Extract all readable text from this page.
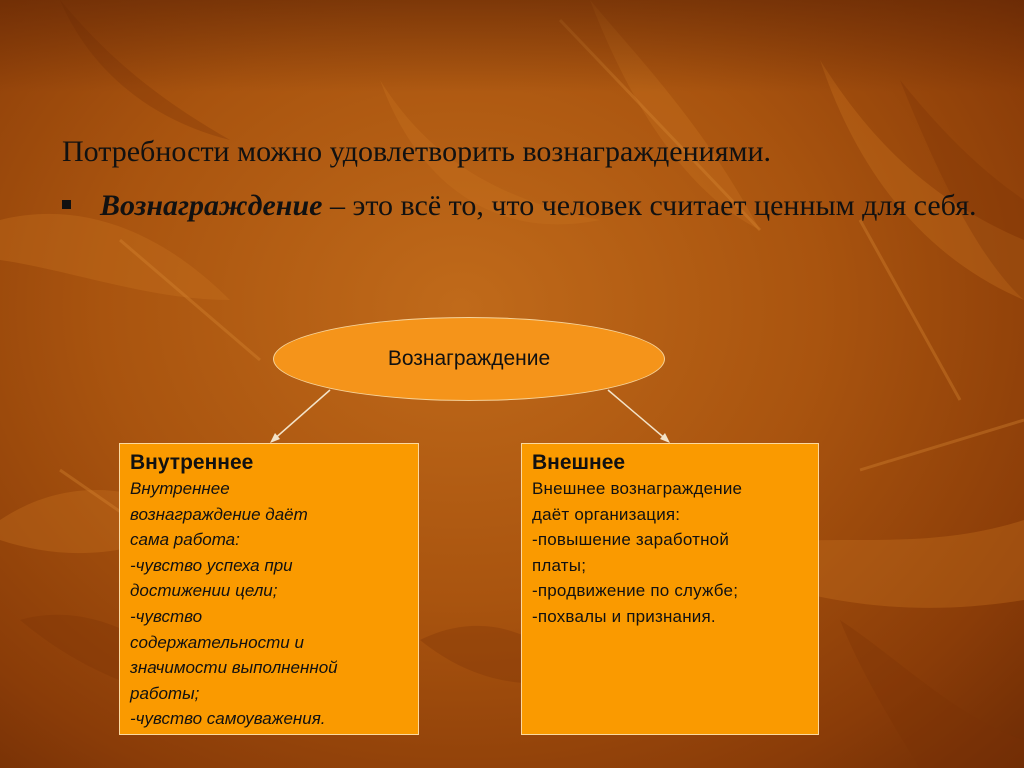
Потребности можно удовлетворить вознаграждениями.
Вознаграждение – это всё то, что человек считает ценным для себя.
Вознаграждение
Внутреннее
Внутреннее
вознаграждение даёт
сама работа:
-чувство успеха при
достижении цели;
-чувство
содержательности и
значимости выполненной
работы;
-чувство самоуважения.
Внешнее
Внешнее вознаграждение
даёт организация:
-повышение заработной
платы;
-продвижение по службе;
-похвалы и признания.
